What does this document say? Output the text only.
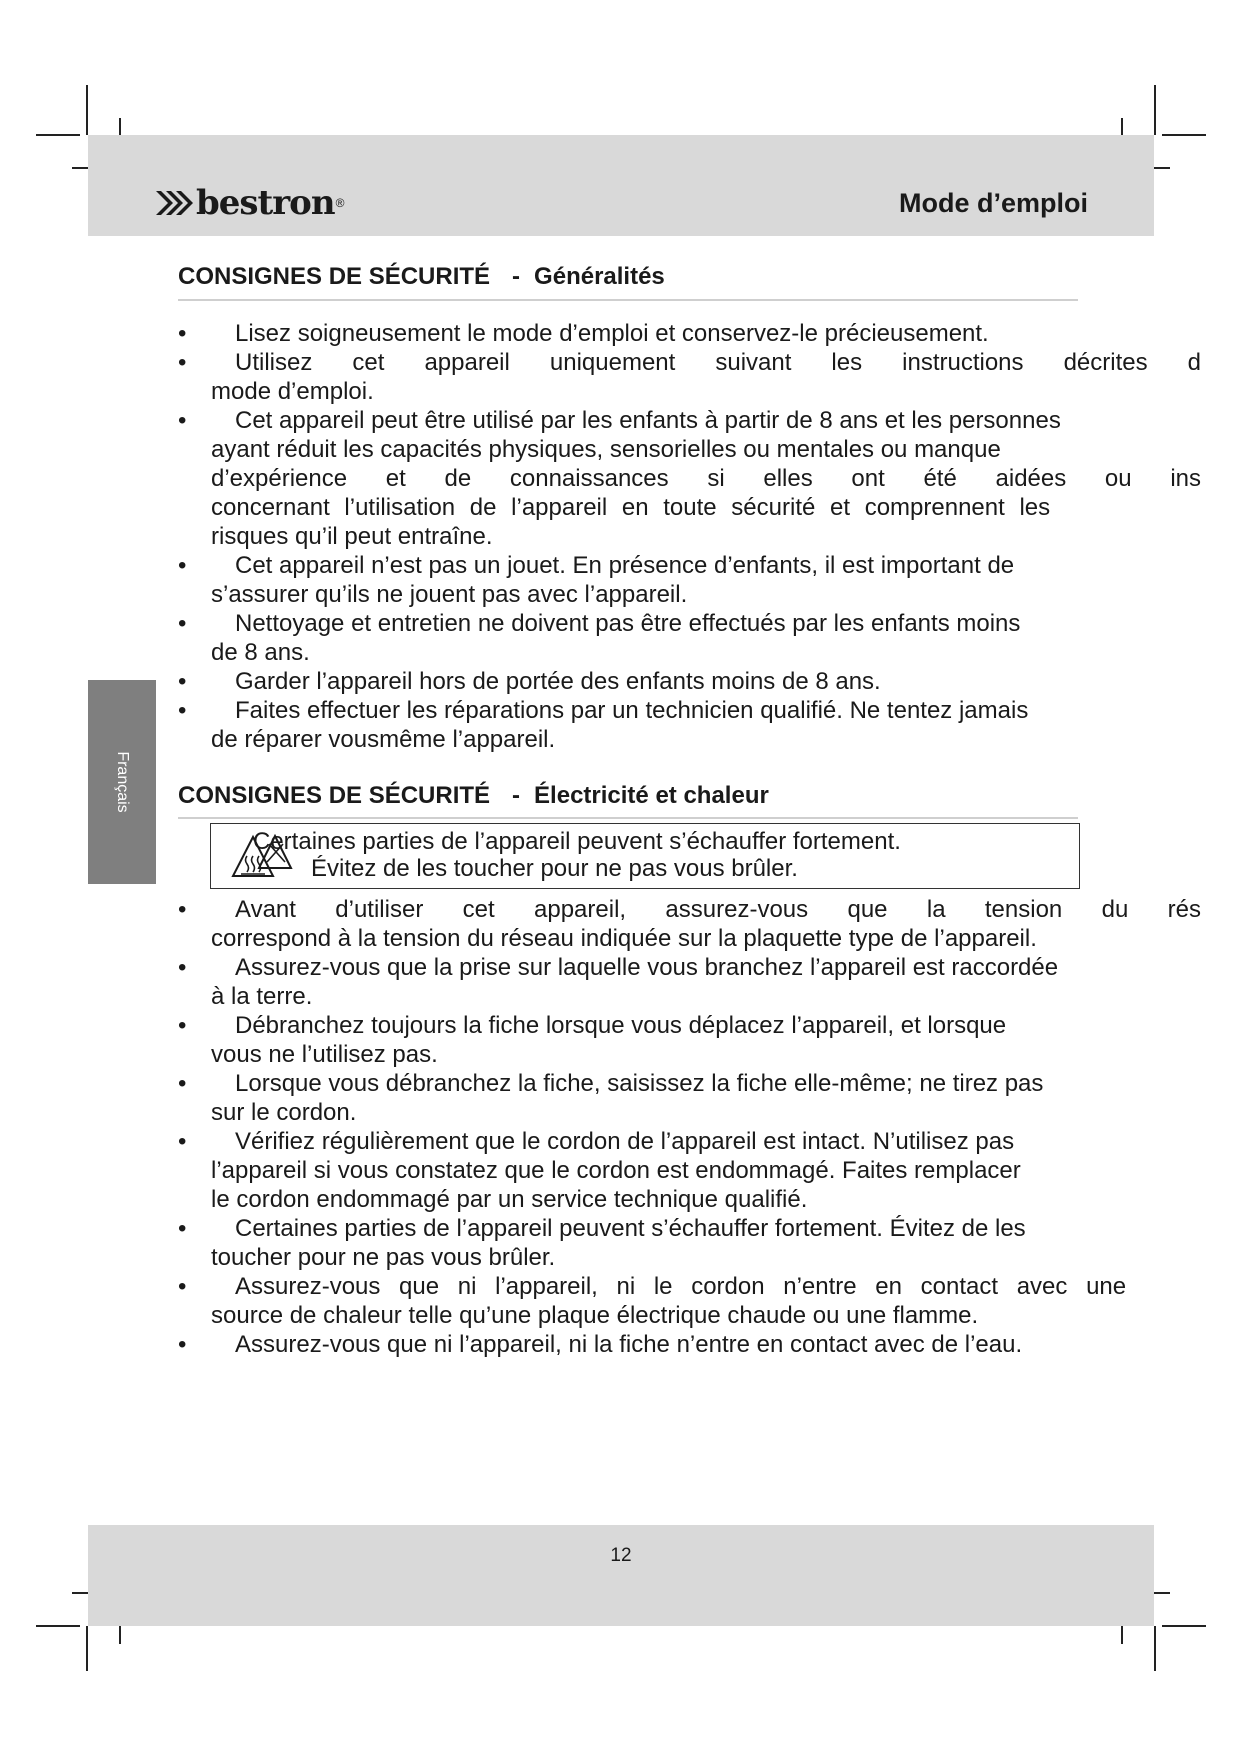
bestron ®	Mode d’emploi
Français
CONSIGNES DE SÉCURITÉ - Généralités
• Lisez soigneusement le mode d’emploi et conservez-le précieusement.
• Utilisez cet appareil uniquement suivant les instructions décrites d
mode d’emploi.
• Cet appareil peut être utilisé par les enfants à partir de 8 ans et les personnes
ayant réduit les capacités physiques, sensorielles ou mentales ou manque
d’expérience et de connaissances si elles ont été aidées ou ins
concernant l’utilisation de l’appareil en toute sécurité et comprennent les
risques qu’il peut entraîne.
• Cet appareil n’est pas un jouet. En présence d’enfants, il est important de
s’assurer qu’ils ne jouent pas avec l’appareil.
• Nettoyage et entretien ne doivent pas être effectués par les enfants moins
de 8 ans.
• Garder l’appareil hors de portée des enfants moins de 8 ans.
• Faites effectuer les réparations par un technicien qualifié. Ne tentez jamais
de réparer vousmême l’appareil.
CONSIGNES DE SÉCURITÉ - Électricité et chaleur
Certaines parties de l’appareil peuvent s’échauffer fortement.
Évitez de les toucher pour ne pas vous brûler.
• Avant d’utiliser cet appareil, assurez-vous que la tension du rés
correspond à la tension du réseau indiquée sur la plaquette type de l’appareil.
• Assurez-vous que la prise sur laquelle vous branchez l’appareil est raccordée
à la terre.
• Débranchez toujours la fiche lorsque vous déplacez l’appareil, et lorsque
vous ne l’utilisez pas.
• Lorsque vous débranchez la fiche, saisissez la fiche elle-même; ne tirez pas
sur le cordon.
• Vérifiez régulièrement que le cordon de l’appareil est intact. N’utilisez pas
l’appareil si vous constatez que le cordon est endommagé. Faites remplacer
le cordon endommagé par un service technique qualifié.
• Certaines parties de l’appareil peuvent s’échauffer fortement. Évitez de les
toucher pour ne pas vous brûler.
• Assurez-vous que ni l’appareil, ni le cordon n’entre en contact avec une
source de chaleur telle qu’une plaque électrique chaude ou une flamme.
• Assurez-vous que ni l’appareil, ni la fiche n’entre en contact avec de l’eau.
12
